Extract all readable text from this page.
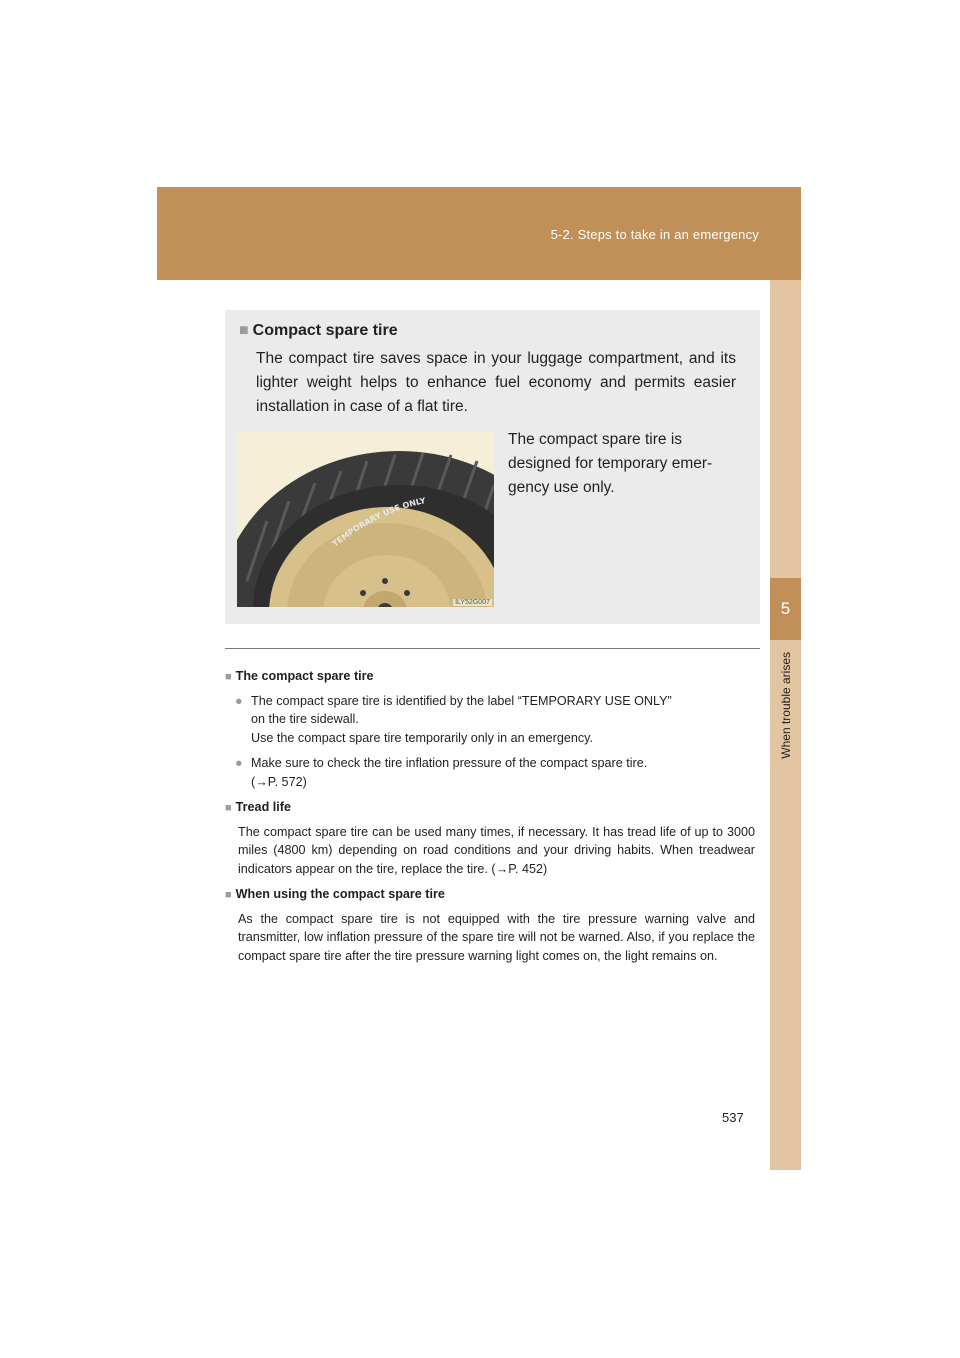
5-2. Steps to take in an emergency
5
When trouble arises
■ Compact spare tire
The compact tire saves space in your luggage compartment, and its lighter weight helps to enhance fuel economy and permits easier installation in case of a flat tire.
TEMPORARY USE ONLY
ILY52G007
The compact spare tire is
designed for temporary emer-
gency use only.
■ The compact spare tire
● The compact spare tire is identified by the label “TEMPORARY USE ONLY”
on the tire sidewall.
Use the compact spare tire temporarily only in an emergency.
● Make sure to check the tire inflation pressure of the compact spare tire.
(→P. 572)
■ Tread life
The compact spare tire can be used many times, if necessary. It has tread life of up to 3000 miles (4800 km) depending on road conditions and your driving habits. When treadwear indicators appear on the tire, replace the tire. (→P. 452)
■ When using the compact spare tire
As the compact spare tire is not equipped with the tire pressure warning valve and transmitter, low inflation pressure of the spare tire will not be warned. Also, if you replace the compact spare tire after the tire pressure warning light comes on, the light remains on.
537
